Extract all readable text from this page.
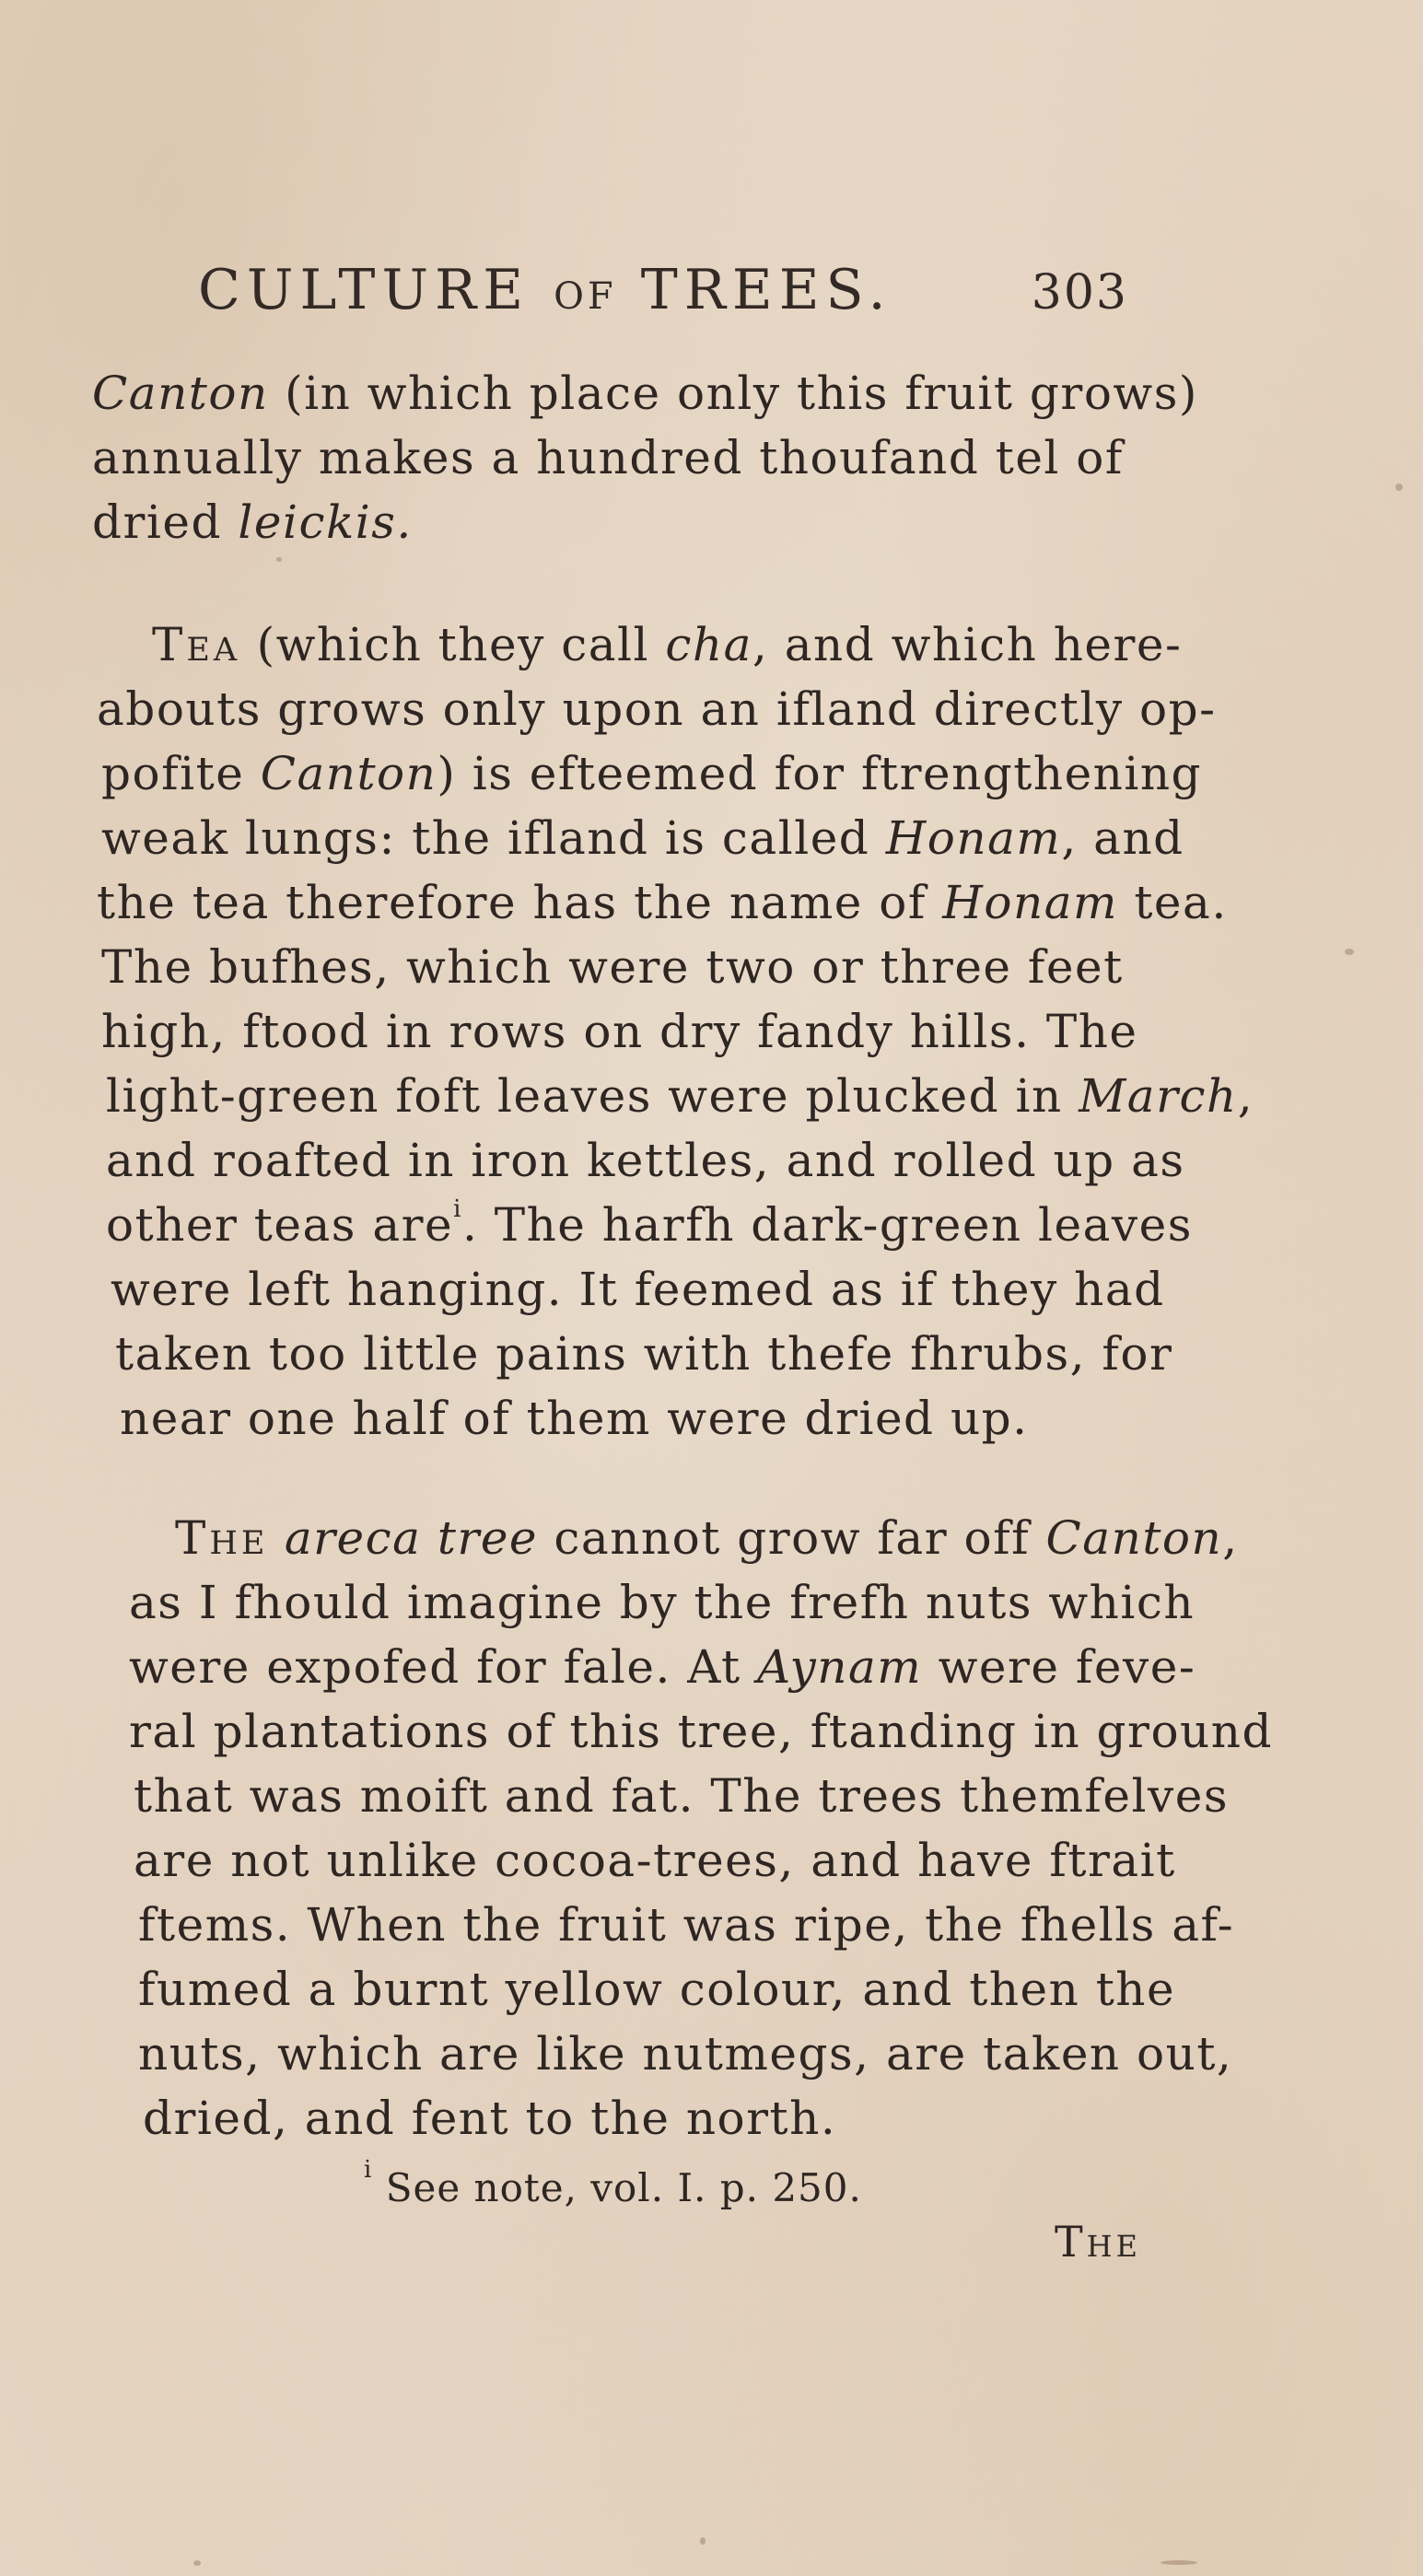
CULTURE OF TREES.	303
Canton (in which place only this fruit grows)
annually makes a hundred thoufand tel of
dried leickis.
Tea (which they call cha, and which here-
abouts grows only upon an ifland directly op-
pofite Canton) is efteemed for ftrengthening
weak lungs: the ifland is called Honam, and
the tea therefore has the name of Honam tea.
The bufhes, which were two or three feet
high, ftood in rows on dry fandy hills. The
light-green foft leaves were plucked in March,
and roafted in iron kettles, and rolled up as
other teas are$^i$. The harfh dark-green leaves
were left hanging. It feemed as if they had
taken too little pains with thefe fhrubs, for
near one half of them were dried up.
The areca tree cannot grow far off Canton,
as I fhould imagine by the frefh nuts which
were expofed for fale. At Aynam were feve-
ral plantations of this tree, ftanding in ground
that was moift and fat. The trees themfelves
are not unlike cocoa-trees, and have ftrait
ftems. When the fruit was ripe, the fhells af-
fumed a burnt yellow colour, and then the
nuts, which are like nutmegs, are taken out,
dried, and fent to the north.
$^i$ See note, vol. I. p. 250.
The
